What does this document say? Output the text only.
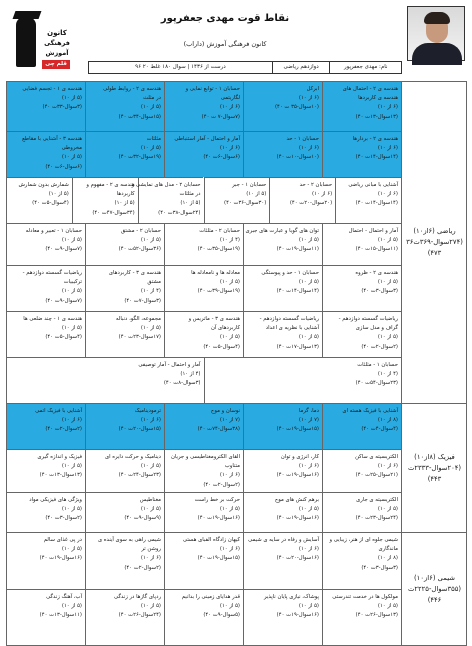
نقاط قوت مهدی جعفرپور
کانون فرهنگی آموزش (داراب)
کانون
فرهنگی
آموزش
قلم چی	نام: مهدی جعفرپور
دوازدهم ریاضی
۹۶ ۲۰ درست از ۱۴۳۶ | سوال ۱۸۰ غلط
هندسه ی ۲ - احتمال های
هندسه ی کاربردها
(۶ از ۱۰)
(۱۳سوال-۱۳ت ۴۰)
ابرکل
(۶ از ۱۰)
(۱۰سوال-۳۵ ت ۴۰)
حسابان ۱ - توابع نمایی و
لگاریتمی
(۶ از ۱۰)
(۷سوال-۷ ت ۴۰)
هندسه ی ۲ - روابط طولی
در مثلث
(۵ از ۱۰)
(۱۵سوال-۳۴ت ۴۰)
هندسه ی ۱ - تجسم فضایی
(۵ از ۱۰)
(۳سوال-۳۳ت ۴۰)
هندسه ی ۲ - بردارها
(۶ از ۱۰)
(۱۴سوال-۱۴ت ۴۰)
حسابان ۱ - حد
(۶ از ۱۰)
(۱۰سوال-۱۰ت ۴۰)
آمار و احتمال - آمار استنباطی
(۶ از ۱۰)
(۶سوال-۶ت ۴۰)
مثلثات
(۵ از ۱۰)
(۱۹سوال-۳۲ت ۴۰)
هندسه ۳ - آشنایی با مقاطع
مخروطی
(۵ از ۱۰)
(۶سوال-۶ت ۴۰)
آشنایی با مبانی ریاضی
(۶ از ۱۰)
(۱۴سوال-۱۴ت ۴۰)
حسابان ۲ - حد
(۶ از ۱۰)
(۲۰سوال-۲۰ت ۴۰)
حسابان ۱ - جبر
(۵ از ۱۰)
(۳۰سوال-۳۶ت ۴۰)
حسابان ۲ - مدل های نمایشی و
در مثلثات
(۵ از ۱۰)
(۲۴سوال-۳۸ت ۴۰)
هندسه ی ۲ - مفهوم و
کاربردها
(۵ از ۱۰)
(۳۴سوال-۴۷ت ۴۰)
شمارش بدون شمارش
(۵ از ۱۰)
(۴سوال-۵ت ۴۰)
آمار و احتمال - احتمال
(۵ از ۱۰)
(۱۱سوال-۱۵ت ۴۰)
توان های گویا و عبارت های جبری
(۵ از ۱۰)
(۱۱سوال-۱۹ت ۴۰)
حسابان ۲ - مثلثات
(۴ از ۱۰)
(۱۹سوال-۳۵ت ۴۰)
حسابان ۲ - مشتق
(۵ از ۱۰)
(۳۶سوال-۵۲ت ۴۰)
حسابان ۱ - تعبیر و معادله
(۵ از ۱۰)
(۷سوال-۹ت ۴۰)
هندسه ی ۲ - ظروه
(۵ از ۱۰)
(۳سوال-۳ت ۴۰)
حسابان ۱ - حد و پیوستگی
(۵ از ۱۰)
(۱۴سوال-۱۴ت ۴۰)
معادله ها و نامعادله ها
(۵ از ۱۰)
(۱۹سوال-۳۹ت ۴۰)
هندسه ی ۳ - کاربردهای
مشتق
(۴ از ۱۰)
(۳سوال-۷ت ۴۰)
ریاضیات گسسته دوازدهم -
ترکیبیات
(۵ از ۱۰)
(۷سوال-۹ت ۴۰)
ریاضیات گسسته دوازدهم -
گراف و مدل سازی
(۵ از ۱۰)
(۲سوال-۲ت ۴۰)
ریاضیات گسسته دوازدهم -
آشنایی با نظریه ی اعداد
(۵ از ۱۰)
(۱۳سوال-۱۷ت ۴۰)
هندسه ی ۳ - ماتریس و
کاربردهای آن
(۵ از ۱۰)
(۴سوال-۵ت ۴۰)
مجموعه، الگو، دنباله
(۵ از ۱۰)
(۱۷سوال-۲۳ت ۴۰)
هندسه ی ۱ - چند ضلعی ها
(۵ از ۱۰)
(۴سوال-۵ت ۴۰)
حسابان ۱ - مثلثات
(۴ از ۱۰)
(۲۳سوال-۵۴ت ۴۰)
آمار و احتمال - آمار توصیفی
(۴ از ۱۰)
(۳سوال-۸ت ۴۰)
آشنایی با فیزیک هسته ای
(۸ از ۱۰)
(۴سوال-۴ت ۴۰)
دما، گرما
(۷ از ۱۰)
(۱۵سوال-۱۹ت ۴۰)
نوسان و موج
(۷ از ۱۰)
(۳۸سوال-۷۴ت ۴۰)
ترمودینامیک
(۶ از ۱۰)
(۱۵سوال-۲۰ت ۴۰)
آشنایی با فیزیک اتمی
(۶ از ۱۰)
(۲سوال-۲ت ۴۰)
الکتریسیته ی ساکن
(۶ از ۱۰)
(۲۱سوال-۲۵ت ۴۰)
کار، انرژی و توان
(۶ از ۱۰)
(۱۶سوال-۱۹ت ۴۰)
القای الکترومغناطیسی و جریان
متناوب
(۶ از ۱۰)
(۲سوال-۲ت ۴۰)
دینامیک و حرکت دایره ای
(۵ از ۱۰)
(۲۳سوال-۲۴ت ۴۰)
فیزیک و اندازه گیری
(۵ از ۱۰)
(۱۳سوال-۱۳ت ۴۰)
الکتریسیته ی جاری
(۵ از ۱۰)
(۲۴سوال-۲۳ت ۴۰)
برهم کنش های موج
(۵ از ۱۰)
(۱۶سوال-۱۹ت ۴۰)
حرکت بر خط راست
(۵ از ۱۰)
(۱۶سوال-۱۹ت ۴۰)
مغناطیس
(۵ از ۱۰)
(۹سوال-۹ت ۴۰)
ویژگی های فیزیکی مواد
(۵ از ۱۰)
(۲سوال-۳ت ۴۰)
شیمی جلوه ای از هنر، زیبایی و
ماندگاری
(۸ از ۱۰)
(۳سوال-۳ت ۴۰)
آسایش و رفاه در سایه ی شیمی
(۶ از ۱۰)
(۱۶سوال-۲۰ت ۴۰)
کیهان زادگاه الفبای هستی
(۶ از ۱۰)
(۱۵سوال-۱۹ت ۴۰)
شیمی راهی به سوی آینده ی
روشن تر
(۶ از ۱۰)
(۲سوال-۲ت ۴۰)
در پی غذای سالم
(۵ از ۱۰)
(۱۶سوال-۱۹ت ۴۰)
مولکول ها در خدمت تندرستی
(۵ از ۱۰)
(۱۳سوال-۲۶ت ۴۰)
پوشاک، نیازی پایان ناپذیر
(۵ از ۱۰)
(۱۶سوال-۱۹ت ۴۰)
قدر هدایای زمینی را بدانیم
(۵ از ۱۰)
(۵سوال-۹ت ۴۰)
ردپای گازها در زندگی
(۵ از ۱۰)
(۲۴سوال-۲۶ت ۴۰)
آب، آهنگ زندگی
(۵ از ۱۰)
(۱۱سوال-۱۳ت ۴۰)
ریاضی (۶از۱۰)
(۲۷۴سوال-۳۶۹ت۳۶ ۴۷۳)
فیزیک (۸از۱۰)
(۲۰۴سوال-۲۳۳۳ت ۴۴۳)
شیمی (۶از۱۰)
(۳۵۵سوال-۲۲۲۵ت ۴۴۶)
